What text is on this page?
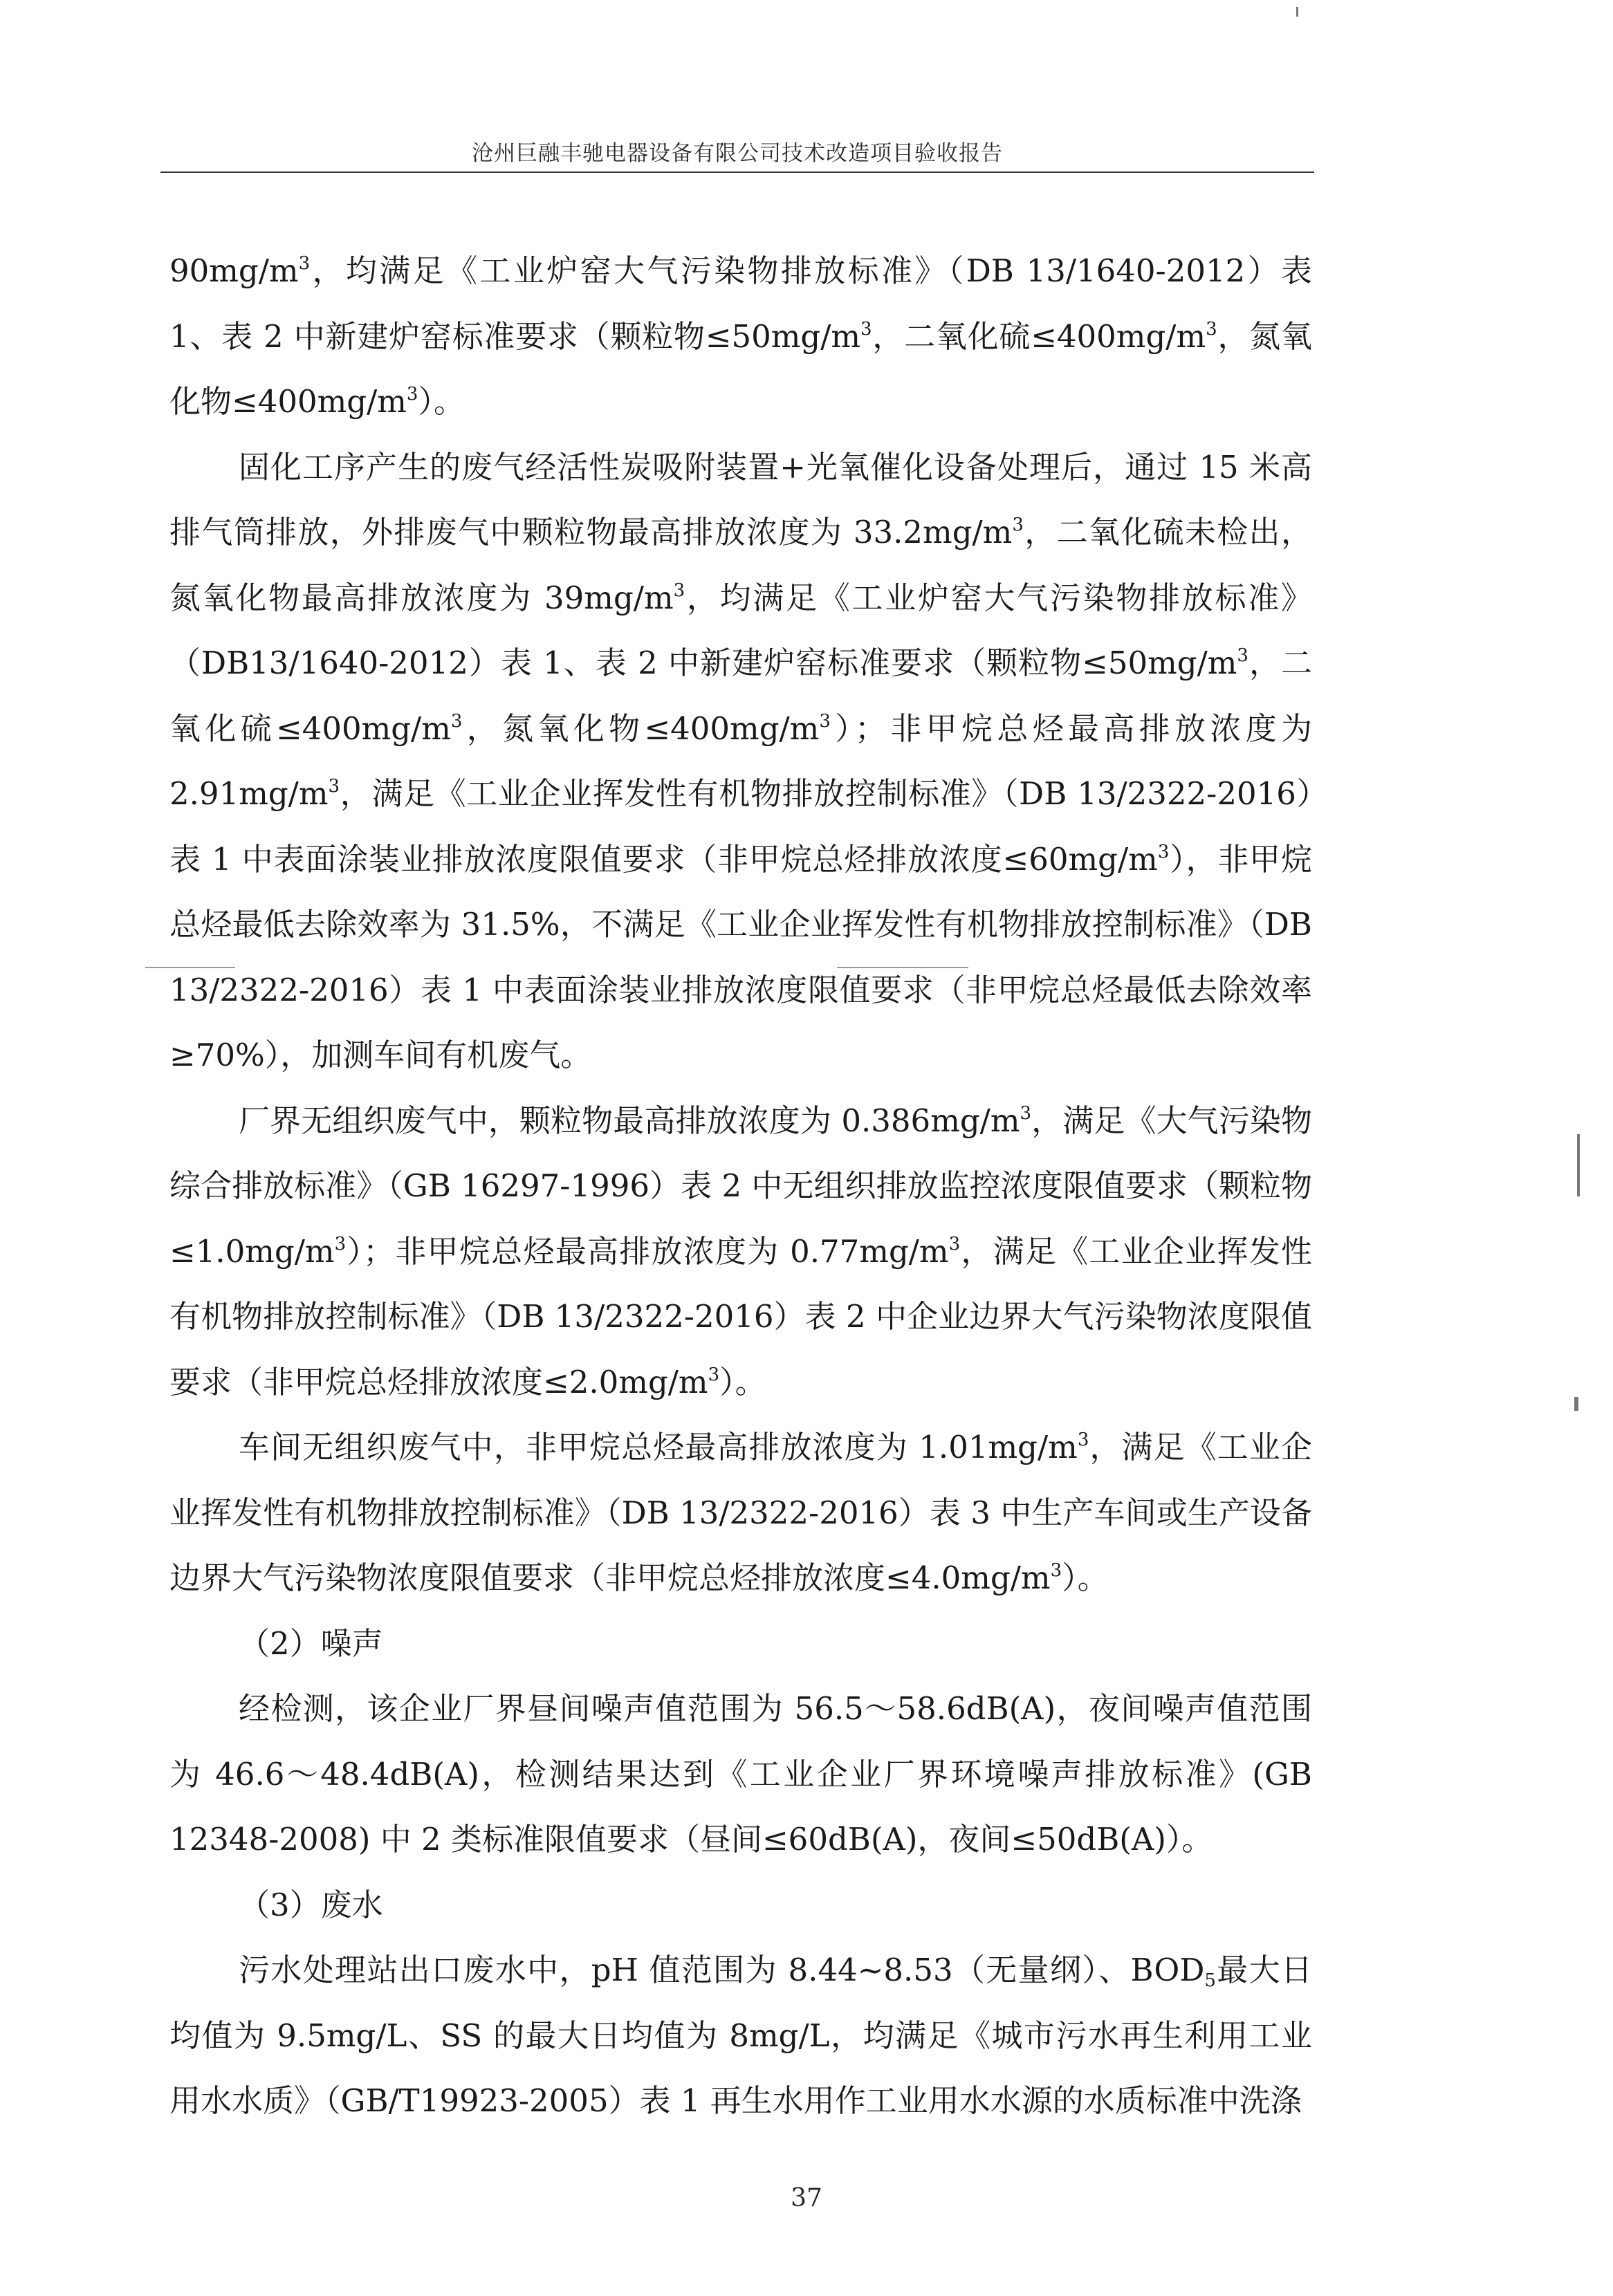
沧州巨融丰驰电器设备有限公司技术改造项目验收报告

$90mg/m^3$，均满足《工业炉窑大气污染物排放标准》（DB 13/1640-2012）表 1、表 2 中新建炉窑标准要求（颗粒物$\le 50mg/m^3$，二氧化硫$\le 400mg/m^3$，氮氧化物$\le 400mg/m^3$）。

固化工序产生的废气经活性炭吸附装置+光氧催化设备处理后，通过 15 米高排气筒排放，外排废气中颗粒物最高排放浓度为 $33.2mg/m^3$，二氧化硫未检出，氮氧化物最高排放浓度为 $39mg/m^3$，均满足《工业炉窑大气污染物排放标准》（DB13/1640-2012）表 1、表 2 中新建炉窑标准要求（颗粒物$\le 50mg/m^3$，二氧化硫$\le 400mg/m^3$，氮氧化物$\le 400mg/m^3$）；非甲烷总烃最高排放浓度为 $2.91mg/m^3$，满足《工业企业挥发性有机物排放控制标准》（DB 13/2322-2016）表 1 中表面涂装业排放浓度限值要求（非甲烷总烃排放浓度$\le 60mg/m^3$），非甲烷总烃最低去除效率为 31.5%，不满足《工业企业挥发性有机物排放控制标准》（DB 13/2322-2016）表 1 中表面涂装业排放浓度限值要求（非甲烷总烃最低去除效率≥70%），加测车间有机废气。

厂界无组织废气中，颗粒物最高排放浓度为 $0.386mg/m^3$，满足《大气污染物综合排放标准》（GB 16297-1996）表 2 中无组织排放监控浓度限值要求（颗粒物$\le 1.0mg/m^3$）；非甲烷总烃最高排放浓度为 $0.77mg/m^3$，满足《工业企业挥发性有机物排放控制标准》（DB 13/2322-2016）表 2 中企业边界大气污染物浓度限值要求（非甲烷总烃排放浓度$\le 2.0mg/m^3$）。

车间无组织废气中，非甲烷总烃最高排放浓度为 $1.01mg/m^3$，满足《工业企业挥发性有机物排放控制标准》（DB 13/2322-2016）表 3 中生产车间或生产设备边界大气污染物浓度限值要求（非甲烷总烃排放浓度$\le 4.0mg/m^3$）。

（2）噪声

经检测，该企业厂界昼间噪声值范围为 56.5～58.6dB(A)，夜间噪声值范围为 46.6～48.4dB(A)，检测结果达到《工业企业厂界环境噪声排放标准》(GB 12348-2008) 中 2 类标准限值要求（昼间≤60dB(A)，夜间≤50dB(A)）。

（3）废水

污水处理站出口废水中，pH 值范围为 8.44~8.53（无量纲）、$BOD_5$最大日均值为 9.5mg/L、SS 的最大日均值为 8mg/L，均满足《城市污水再生利用工业用水水质》（GB/T19923-2005）表 1 再生水用作工业用水水源的水质标准中洗涤

37
